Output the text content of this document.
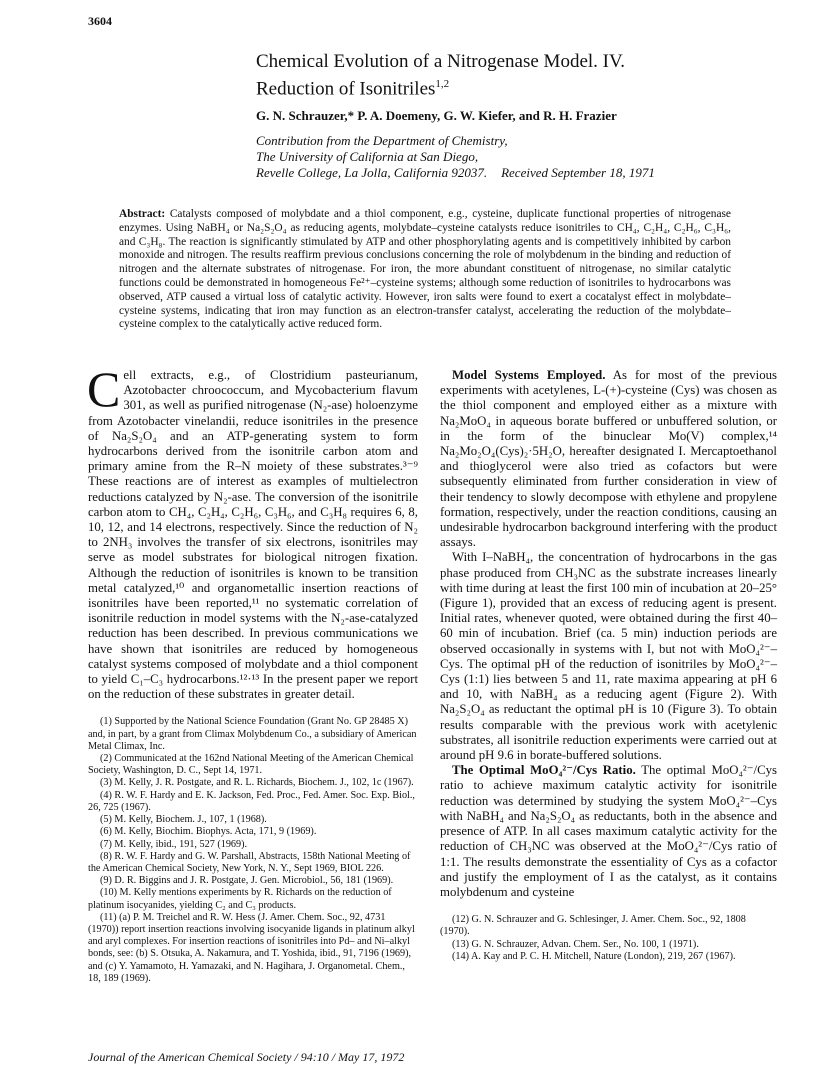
3604
Chemical Evolution of a Nitrogenase Model. IV.
Reduction of Isonitriles$^{1,2}$
G. N. Schrauzer,* P. A. Doemeny, G. W. Kiefer, and R. H. Frazier
Contribution from the Department of Chemistry,
The University of California at San Diego,
Revelle College, La Jolla, California 92037. Received September 18, 1971
Abstract: Catalysts composed of molybdate and a thiol component, e.g., cysteine, duplicate functional properties of nitrogenase enzymes. Using NaBH₄ or Na₂S₂O₄ as reducing agents, molybdate–cysteine catalysts reduce isonitriles to CH₄, C₂H₄, C₂H₆, C₃H₆, and C₃H₈. The reaction is significantly stimulated by ATP and other phosphorylating agents and is competitively inhibited by carbon monoxide and nitrogen. The results reaffirm previous conclusions concerning the role of molybdenum in the binding and reduction of nitrogen and the alternate substrates of nitrogenase. For iron, the more abundant constituent of nitrogenase, no similar catalytic functions could be demonstrated in homogeneous Fe²⁺–cysteine systems; although some reduction of isonitriles to hydrocarbons was observed, ATP caused a virtual loss of catalytic activity. However, iron salts were found to exert a cocatalyst effect in molybdate–cysteine systems, indicating that iron may function as an electron-transfer catalyst, accelerating the reduction of the molybdate–cysteine complex to the catalytically active reduced form.

Cell extracts, e.g., of Clostridium pasteurianum, Azotobacter chroococcum, and Mycobacterium flavum 301, as well as purified nitrogenase (N₂-ase) holoenzyme from Azotobacter vinelandii, reduce isonitriles in the presence of Na₂S₂O₄ and an ATP-generating system to form hydrocarbons derived from the isonitrile carbon atom and primary amine from the R–N moiety of these substrates.³⁻⁹ These reactions are of interest as examples of multielectron reductions catalyzed by N₂-ase. The conversion of the isonitrile carbon atom to CH₄, C₂H₄, C₂H₆, C₃H₆, and C₃H₈ requires 6, 8, 10, 12, and 14 electrons, respectively. Since the reduction of N₂ to 2NH₃ involves the transfer of six electrons, isonitriles may serve as model substrates for biological nitrogen fixation. Although the reduction of isonitriles is known to be transition metal catalyzed,¹⁰ and organometallic insertion reactions of isonitriles have been reported,¹¹ no systematic correlation of isonitrile reduction in model systems with the N₂-ase-catalyzed reduction has been described. In previous communications we have shown that isonitriles are reduced by homogeneous catalyst systems composed of molybdate and a thiol component to yield C₁–C₃ hydrocarbons.¹²·¹³ In the present paper we report on the reduction of these substrates in greater detail.

(1) Supported by the National Science Foundation (Grant No. GP 28485 X) and, in part, by a grant from Climax Molybdenum Co., a subsidiary of American Metal Climax, Inc.
(2) Communicated at the 162nd National Meeting of the American Chemical Society, Washington, D. C., Sept 14, 1971.
(3) M. Kelly, J. R. Postgate, and R. L. Richards, Biochem. J., 102, 1c (1967).
(4) R. W. F. Hardy and E. K. Jackson, Fed. Proc., Fed. Amer. Soc. Exp. Biol., 26, 725 (1967).
(5) M. Kelly, Biochem. J., 107, 1 (1968).
(6) M. Kelly, Biochim. Biophys. Acta, 171, 9 (1969).
(7) M. Kelly, ibid., 191, 527 (1969).
(8) R. W. F. Hardy and G. W. Parshall, Abstracts, 158th National Meeting of the American Chemical Society, New York, N. Y., Sept 1969, BIOL 226.
(9) D. R. Biggins and J. R. Postgate, J. Gen. Microbiol., 56, 181 (1969).
(10) M. Kelly mentions experiments by R. Richards on the reduction of platinum isocyanides, yielding C₂ and C₃ products.
(11) (a) P. M. Treichel and R. W. Hess (J. Amer. Chem. Soc., 92, 4731 (1970)) report insertion reactions involving isocyanide ligands in platinum alkyl and aryl complexes. For insertion reactions of isonitriles into Pd– and Ni–alkyl bonds, see: (b) S. Otsuka, A. Nakamura, and T. Yoshida, ibid., 91, 7196 (1969), and (c) Y. Yamamoto, H. Yamazaki, and N. Hagihara, J. Organometal. Chem., 18, 189 (1969).

Model Systems Employed. As for most of the previous experiments with acetylenes, L-(+)-cysteine (Cys) was chosen as the thiol component and employed either as a mixture with Na₂MoO₄ in aqueous borate buffered or unbuffered solution, or in the form of the binuclear Mo(V) complex,¹⁴ Na₂Mo₂O₄(Cys)₂·5H₂O, hereafter designated I. Mercaptoethanol and thioglycerol were also tried as cofactors but were subsequently eliminated from further consideration in view of their tendency to slowly decompose with ethylene and propylene formation, respectively, under the reaction conditions, causing an undesirable hydrocarbon background interfering with the product assays.

With I–NaBH₄, the concentration of hydrocarbons in the gas phase produced from CH₃NC as the substrate increases linearly with time during at least the first 100 min of incubation at 20–25° (Figure 1), provided that an excess of reducing agent is present. Initial rates, whenever quoted, were obtained during the first 40–60 min of incubation. Brief (ca. 5 min) induction periods are observed occasionally in systems with I, but not with MoO₄²⁻–Cys. The optimal pH of the reduction of isonitriles by MoO₄²⁻–Cys (1:1) lies between 5 and 11, rate maxima appearing at pH 6 and 10, with NaBH₄ as a reducing agent (Figure 2). With Na₂S₂O₄ as reductant the optimal pH is 10 (Figure 3). To obtain results comparable with the previous work with acetylenic substrates, all isonitrile reduction experiments were carried out at around pH 9.6 in borate-buffered solutions.

The Optimal MoO₄²⁻/Cys Ratio. The optimal MoO₄²⁻/Cys ratio to achieve maximum catalytic activity for isonitrile reduction was determined by studying the system MoO₄²⁻–Cys with NaBH₄ and Na₂S₂O₄ as reductants, both in the absence and presence of ATP. In all cases maximum catalytic activity for the reduction of CH₃NC was observed at the MoO₄²⁻/Cys ratio of 1:1. The results demonstrate the essentiality of Cys as a cofactor and justify the employment of I as the catalyst, as it contains molybdenum and cysteine

(12) G. N. Schrauzer and G. Schlesinger, J. Amer. Chem. Soc., 92, 1808 (1970).
(13) G. N. Schrauzer, Advan. Chem. Ser., No. 100, 1 (1971).
(14) A. Kay and P. C. H. Mitchell, Nature (London), 219, 267 (1967).
Journal of the American Chemical Society / 94:10 / May 17, 1972
